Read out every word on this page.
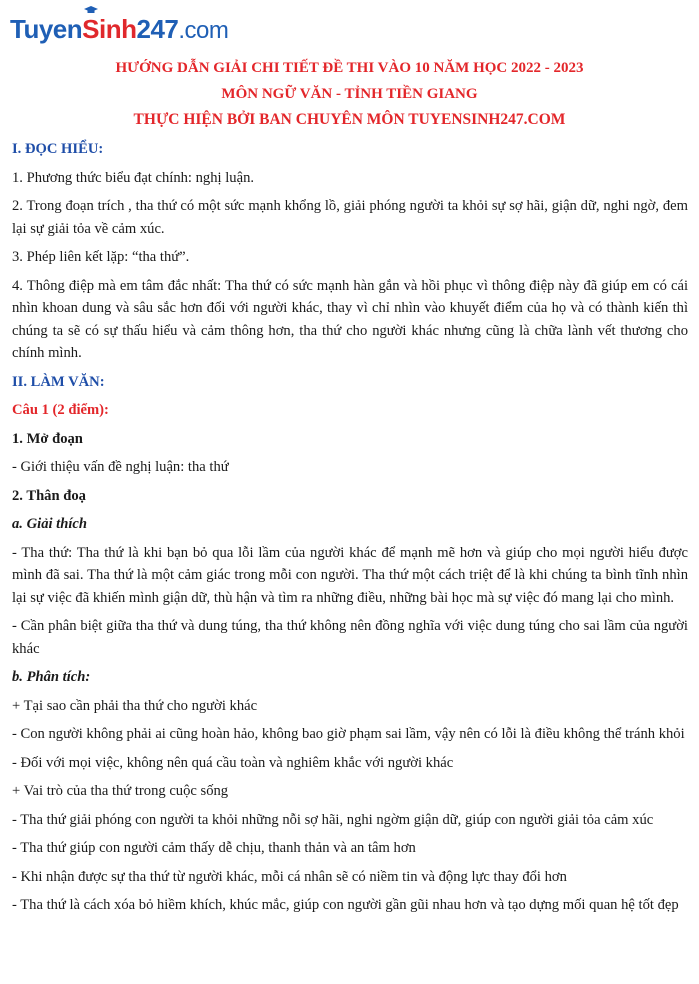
Tuyen
Sinh247.com
HƯỚNG DẪN GIẢI CHI TIẾT ĐỀ THI VÀO 10 NĂM HỌC 2022 - 2023
MÔN NGỮ VĂN - TỈNH TIỀN GIANG
THỰC HIỆN BỞI BAN CHUYÊN MÔN TUYENSINH247.COM

I. ĐỌC HIỂU:

1. Phương thức biểu đạt chính: nghị luận.

2. Trong đoạn trích , tha thứ có một sức mạnh khổng lồ, giải phóng người ta khỏi sự sợ hãi, giận dữ, nghi ngờ, đem lại sự giải tỏa về cảm xúc.

3. Phép liên kết lặp: “tha thứ”.

4. Thông điệp mà em tâm đắc nhất: Tha thứ có sức mạnh hàn gắn và hồi phục vì thông điệp này đã giúp em có cái nhìn khoan dung và sâu sắc hơn đối với người khác, thay vì chỉ nhìn vào khuyết điểm của họ và có thành kiến thì chúng ta sẽ có sự thấu hiểu và cảm thông hơn, tha thứ cho người khác nhưng cũng là chữa lành vết thương cho chính mình.

II. LÀM VĂN:

Câu 1 (2 điểm):

1. Mở đoạn

- Giới thiệu vấn đề nghị luận: tha thứ

2. Thân đoạ

a. Giải thích

- Tha thứ: Tha thứ là khi bạn bỏ qua lỗi lầm của người khác để mạnh mẽ hơn và giúp cho mọi người hiểu được mình đã sai. Tha thứ là một cảm giác trong mỗi con người. Tha thứ một cách triệt để là khi chúng ta bình tĩnh nhìn lại sự việc đã khiến mình giận dữ, thù hận và tìm ra những điều, những bài học mà sự việc đó mang lại cho mình.

- Cần phân biệt giữa tha thứ và dung túng, tha thứ không nên đồng nghĩa với việc dung túng cho sai lầm của người khác

b. Phân tích:

+ Tại sao cần phải tha thứ cho người khác

- Con người không phải ai cũng hoàn hảo, không bao giờ phạm sai lầm, vậy nên có lỗi là điều không thể tránh khỏi

- Đối với mọi việc, không nên quá cầu toàn và nghiêm khắc với người khác

+ Vai trò của tha thứ trong cuộc sống

- Tha thứ giải phóng con người ta khỏi những nỗi sợ hãi, nghi ngờm giận dữ, giúp con người giải tỏa cảm xúc

- Tha thứ giúp con người cảm thấy dễ chịu, thanh thản và an tâm hơn

- Khi nhận được sự tha thứ từ người khác, mỗi cá nhân sẽ có niềm tin và động lực thay đổi hơn

- Tha thứ là cách xóa bỏ hiềm khích, khúc mắc, giúp con người gần gũi nhau hơn và tạo dựng mối quan hệ tốt đẹp
